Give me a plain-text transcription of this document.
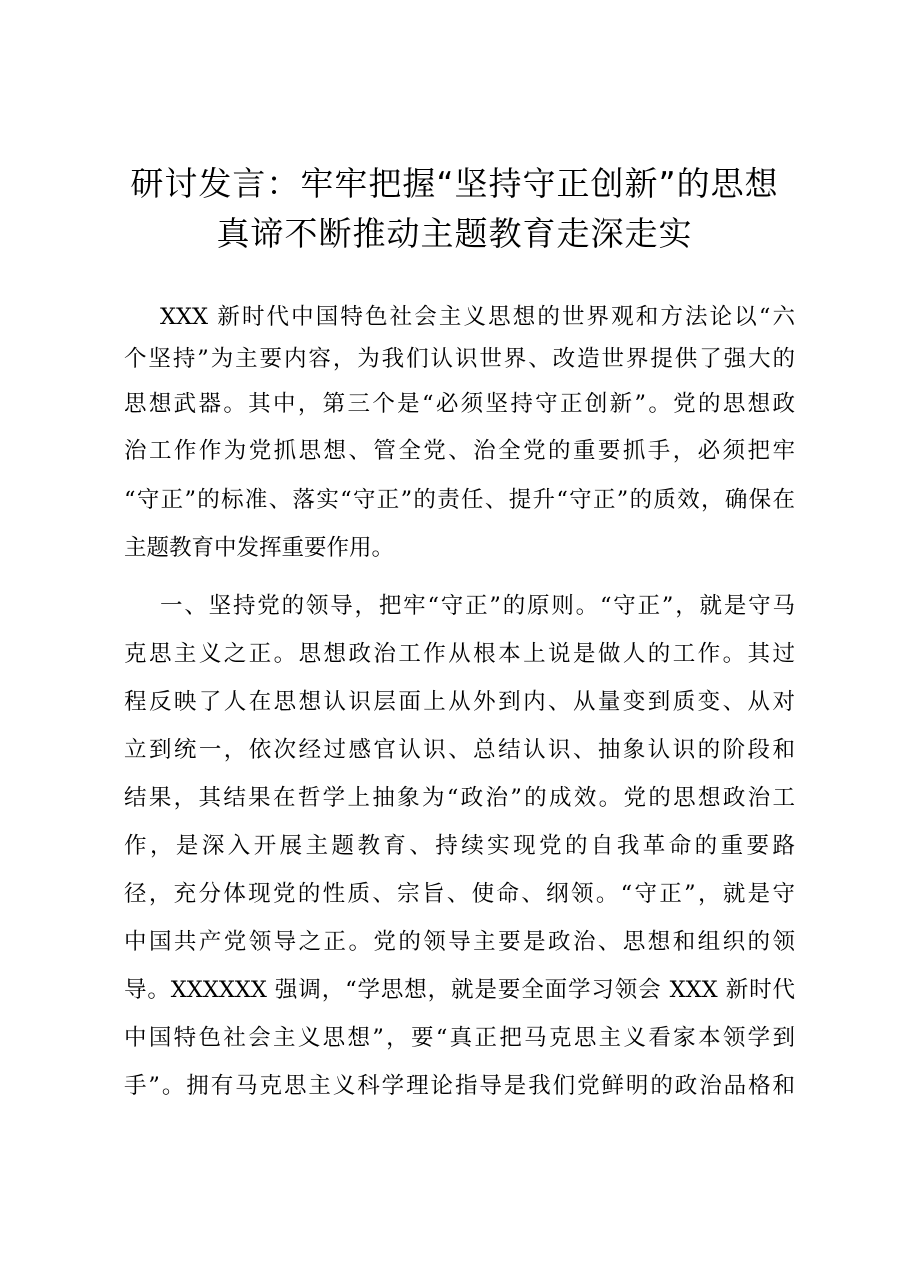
研讨发言：牢牢把握“坚持守正创新”的思想
真谛不断推动主题教育走深走实
XXX 新时代中国特色社会主义思想的世界观和方法论以“六
个坚持”为主要内容，为我们认识世界、改造世界提供了强大的
思想武器。其中，第三个是“必须坚持守正创新”。党的思想政
治工作作为党抓思想、管全党、治全党的重要抓手，必须把牢
“守正”的标准、落实“守正”的责任、提升“守正”的质效，确保在
主题教育中发挥重要作用。
一、坚持党的领导，把牢“守正”的原则。“守正”，就是守马
克思主义之正。思想政治工作从根本上说是做人的工作。其过
程反映了人在思想认识层面上从外到内、从量变到质变、从对
立到统一，依次经过感官认识、总结认识、抽象认识的阶段和
结果，其结果在哲学上抽象为“政治”的成效。党的思想政治工
作，是深入开展主题教育、持续实现党的自我革命的重要路
径，充分体现党的性质、宗旨、使命、纲领。“守正”，就是守
中国共产党领导之正。党的领导主要是政治、思想和组织的领
导。XXXXXX 强调，“学思想，就是要全面学习领会 XXX 新时代
中国特色社会主义思想”，要“真正把马克思主义看家本领学到
手”。拥有马克思主义科学理论指导是我们党鲜明的政治品格和
